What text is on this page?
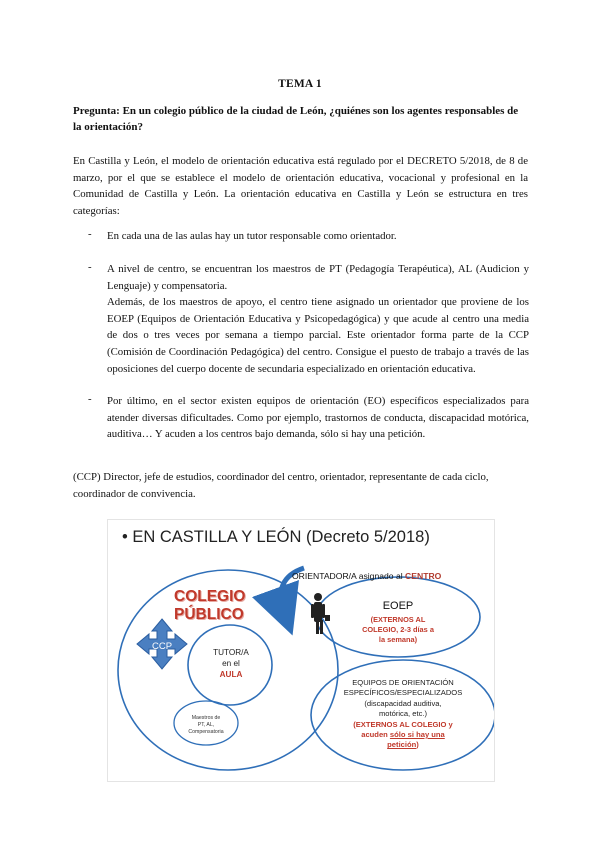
TEMA 1
Pregunta: En un colegio público de la ciudad de León, ¿quiénes son los agentes responsables de la orientación?
En Castilla y León, el modelo de orientación educativa está regulado por el DECRETO 5/2018, de 8 de marzo, por el que se establece el modelo de orientación educativa, vocacional y profesional en la Comunidad de Castilla y León. La orientación educativa en Castilla y León se estructura en tres categorías:
- En cada una de las aulas hay un tutor responsable como orientador.
- A nivel de centro, se encuentran los maestros de PT (Pedagogía Terapéutica), AL (Audicion y Lenguaje) y compensatoria.
Además, de los maestros de apoyo, el centro tiene asignado un orientador que proviene de los EOEP (Equipos de Orientación Educativa y Psicopedagógica) y que acude al centro una media de dos o tres veces por semana a tiempo parcial. Este orientador forma parte de la CCP (Comisión de Coordinación Pedagógica) del centro. Consigue el puesto de trabajo a través de las oposiciones del cuerpo docente de secundaria especializado en orientación educativa.
- Por último, en el sector existen equipos de orientación (EO) específicos especializados para atender diversas dificultades. Como por ejemplo, trastornos de conducta, discapacidad motórica, auditiva… Y acuden a los centros bajo demanda, sólo si hay una petición.
(CCP) Director, jefe de estudios, coordinador del centro, orientador, representante de cada ciclo, coordinador de convivencia.
• EN CASTILLA Y LEÓN (Decreto 5/2018)
ORIENTADOR/A asignado al CENTRO
COLEGIO
PÚBLICO
CCP
TUTOR/A
en el
AULA
Maestros de
PT, AL,
Compensatoria
EOEP
(EXTERNOS AL
COLEGIO, 2-3 días a
la semana)
EQUIPOS DE ORIENTACIÓN
ESPECÍFICOS/ESPECIALIZADOS
(discapacidad auditiva,
motórica, etc.)
(EXTERNOS AL COLEGIO y
acuden sólo si hay una
petición)
